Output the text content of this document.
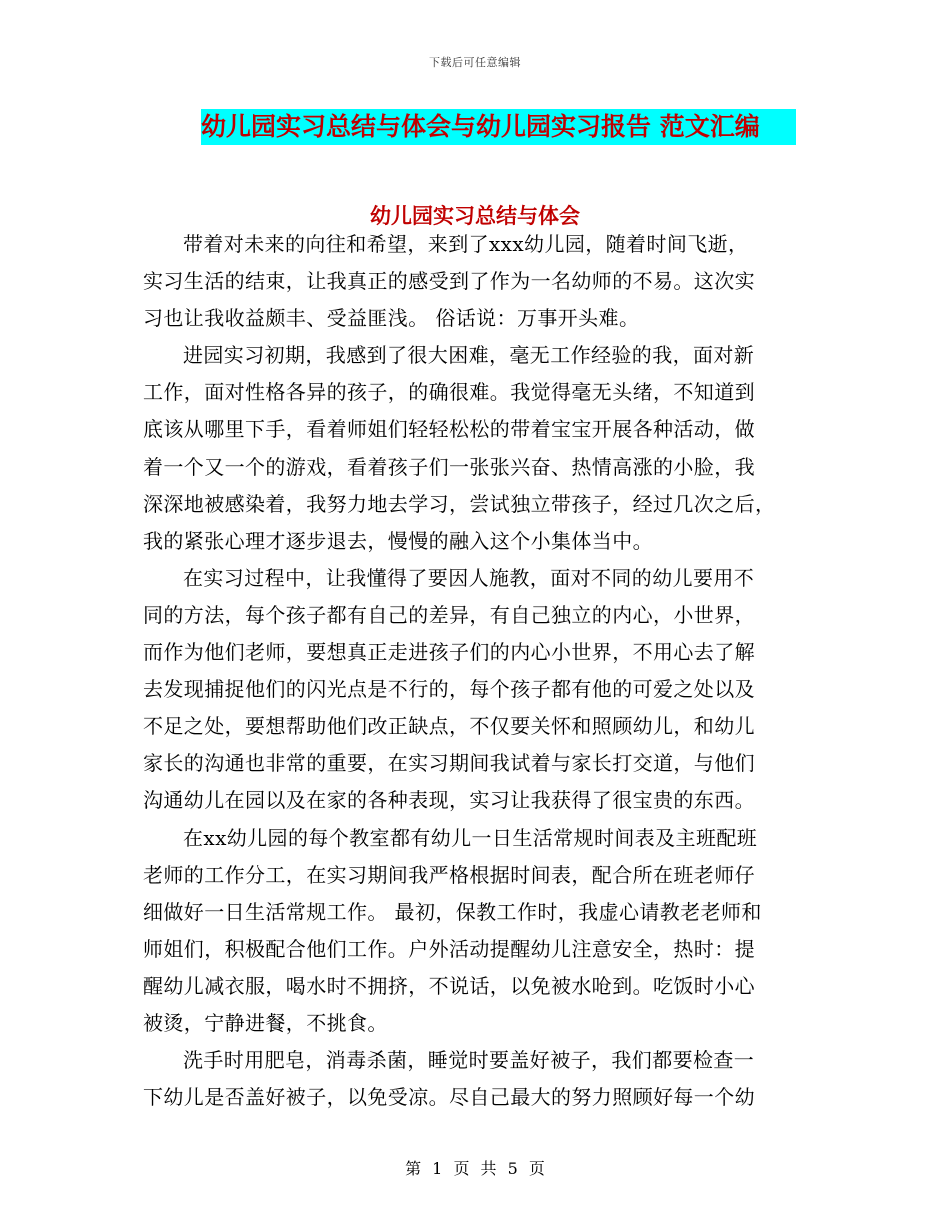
下载后可任意编辑
幼儿园实习总结与体会与幼儿园实习报告 范文汇编
幼儿园实习总结与体会

带着对未来的向往和希望，来到了xxx幼儿园，随着时间飞逝，
实习生活的结束，让我真正的感受到了作为一名幼师的不易。这次实
习也让我收益颇丰、受益匪浅。 俗话说：万事开头难。

进园实习初期，我感到了很大困难，毫无工作经验的我，面对新
工作，面对性格各异的孩子，的确很难。我觉得毫无头绪，不知道到
底该从哪里下手，看着师姐们轻轻松松的带着宝宝开展各种活动，做
着一个又一个的游戏，看着孩子们一张张兴奋、热情高涨的小脸，我
深深地被感染着，我努力地去学习，尝试独立带孩子，经过几次之后，
我的紧张心理才逐步退去，慢慢的融入这个小集体当中。

在实习过程中，让我懂得了要因人施教，面对不同的幼儿要用不
同的方法，每个孩子都有自己的差异，有自己独立的内心，小世界，
而作为他们老师，要想真正走进孩子们的内心小世界，不用心去了解
去发现捕捉他们的闪光点是不行的，每个孩子都有他的可爱之处以及
不足之处，要想帮助他们改正缺点，不仅要关怀和照顾幼儿，和幼儿
家长的沟通也非常的重要，在实习期间我试着与家长打交道，与他们
沟通幼儿在园以及在家的各种表现，实习让我获得了很宝贵的东西。

在xx幼儿园的每个教室都有幼儿一日生活常规时间表及主班配班
老师的工作分工，在实习期间我严格根据时间表，配合所在班老师仔
细做好一日生活常规工作。 最初，保教工作时，我虚心请教老老师和
师姐们，积极配合他们工作。户外活动提醒幼儿注意安全，热时：提
醒幼儿减衣服，喝水时不拥挤，不说话，以免被水呛到。吃饭时小心
被烫，宁静进餐，不挑食。

洗手时用肥皂，消毒杀菌，睡觉时要盖好被子，我们都要检查一
下幼儿是否盖好被子，以免受凉。尽自己最大的努力照顾好每一个幼

第 1 页 共 5 页
